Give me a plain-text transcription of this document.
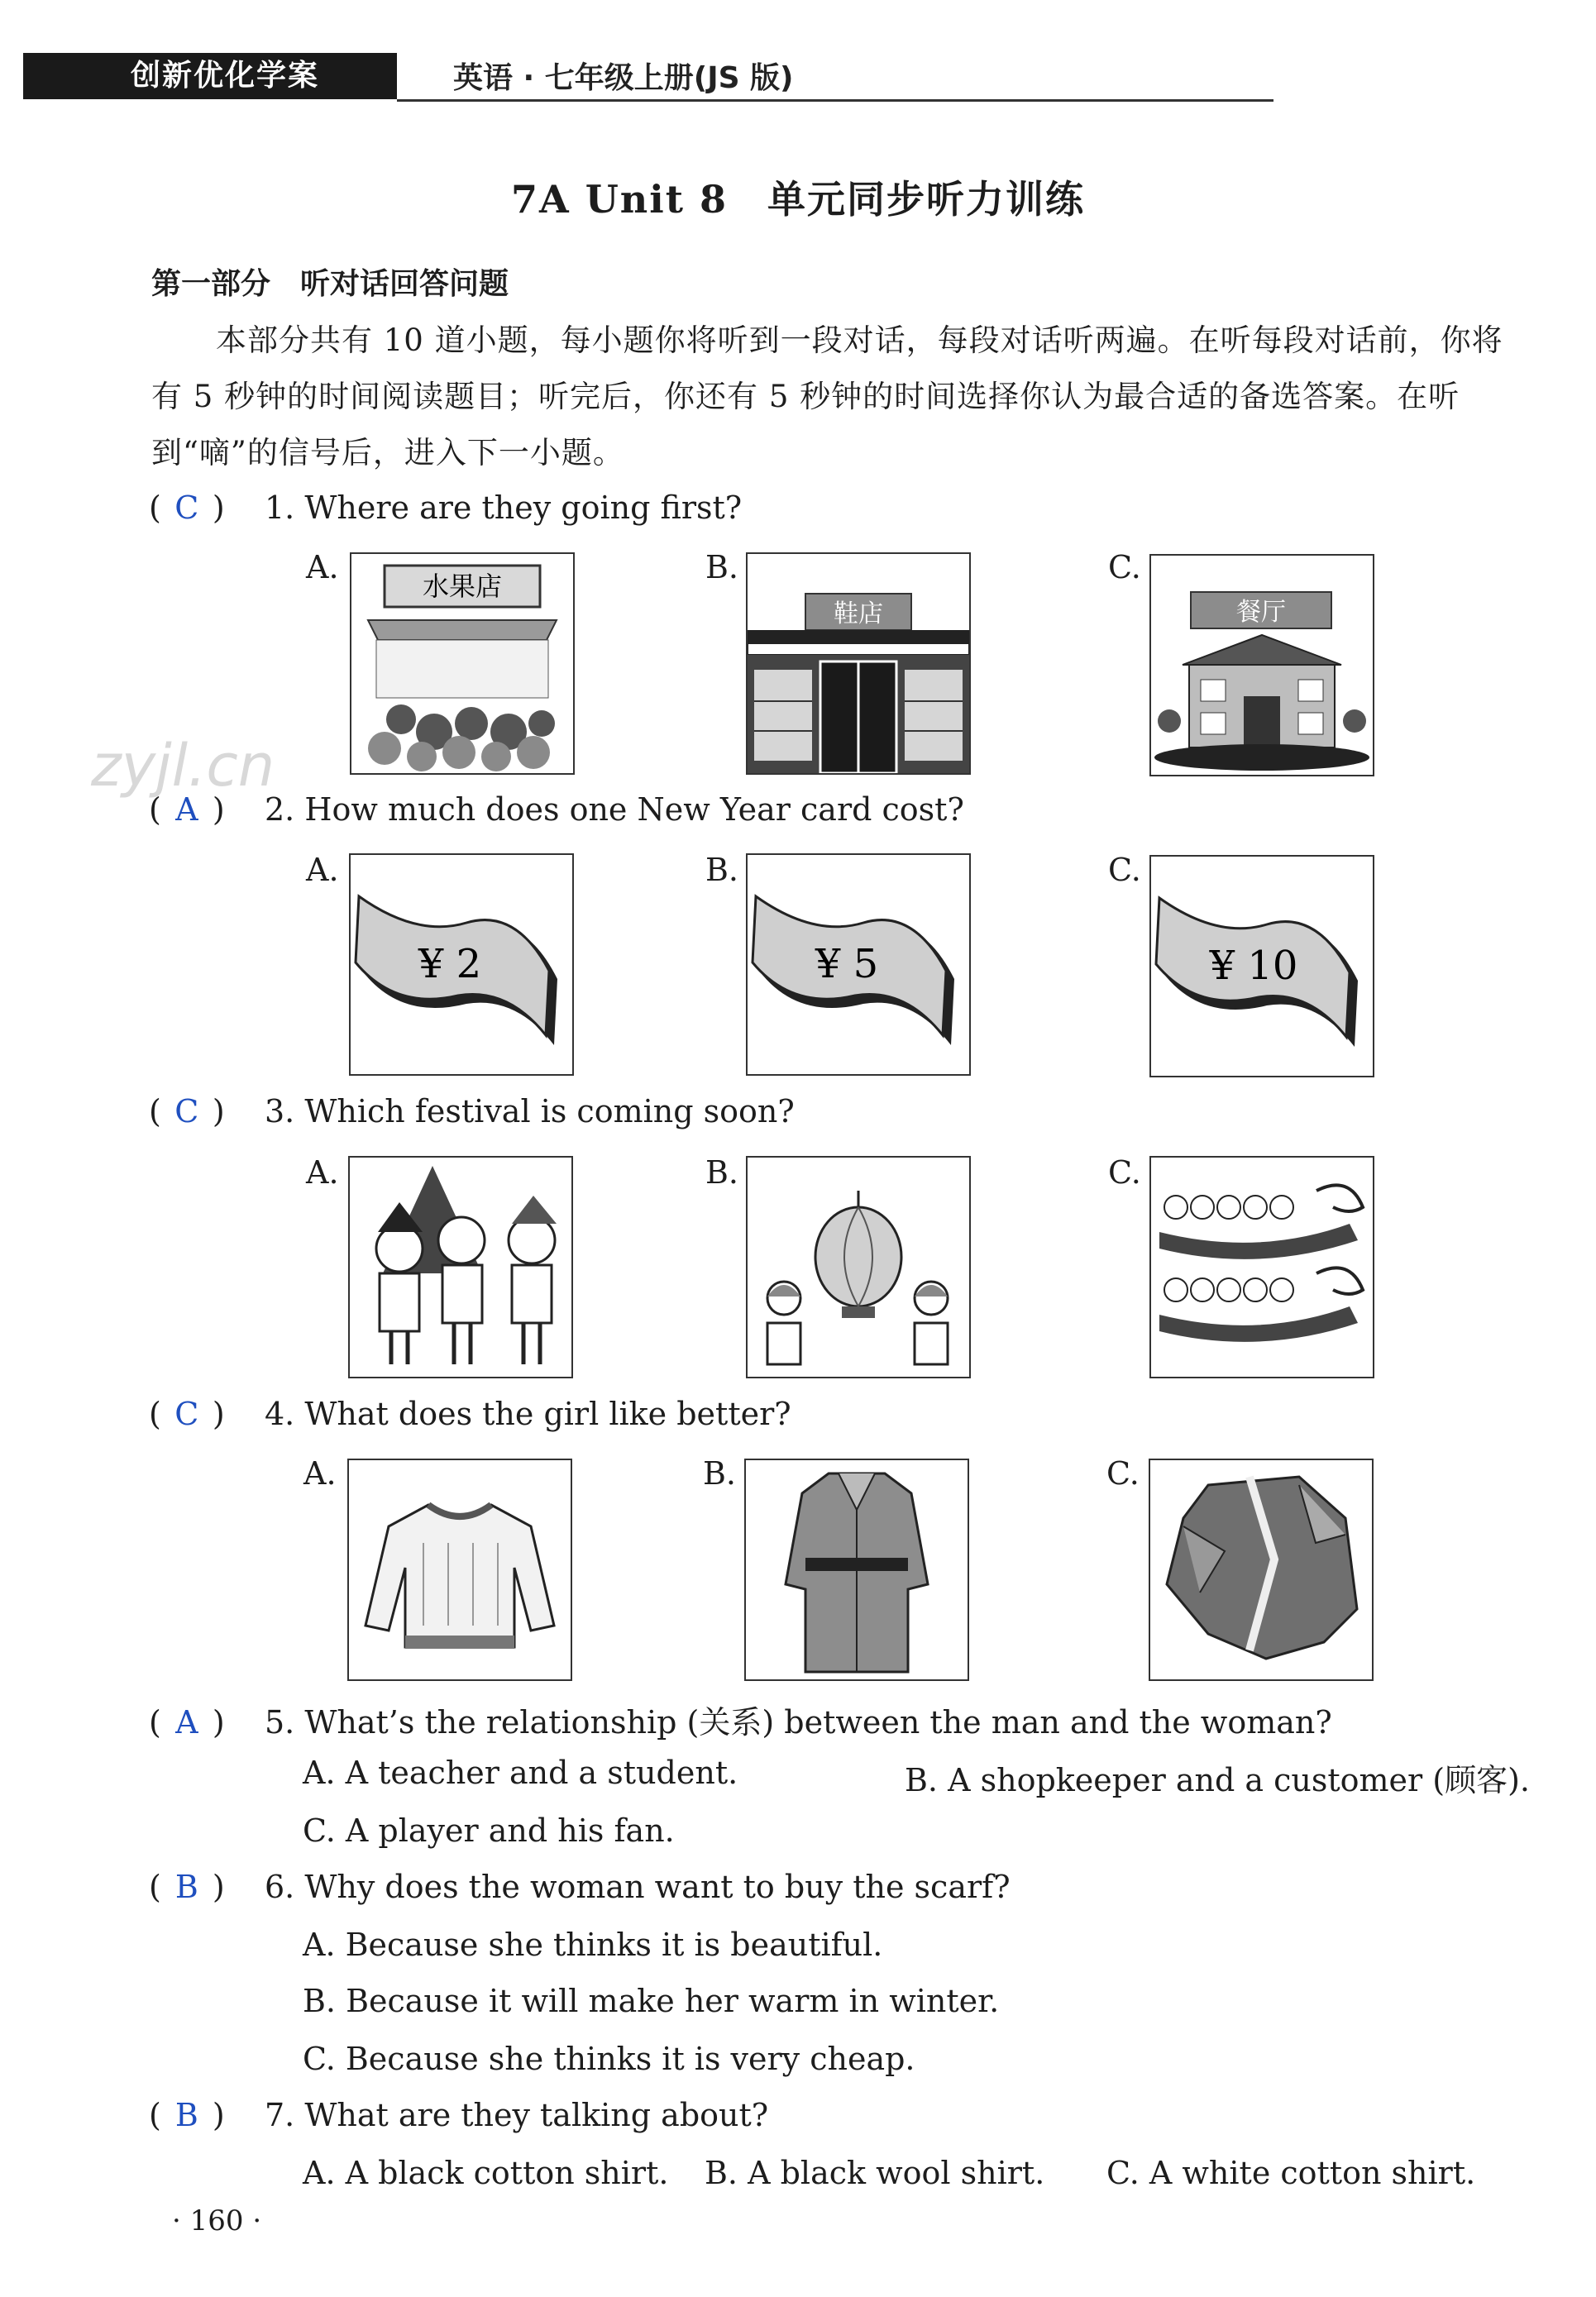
创新优化学案	英语 · 七年级上册(JS 版)
7A Unit 8　单元同步听力训练
第一部分　听对话回答问题
本部分共有 10 道小题，每小题你将听到一段对话，每段对话听两遍。在听每段对话前，你将有 5 秒钟的时间阅读题目；听完后，你还有 5 秒钟的时间选择你认为最合适的备选答案。在听到“嘀”的信号后，进入下一小题。
zyjl.cn
( C ) 1. Where are they going first?
A.
水果店
B.
鞋店
C.
餐厅
( A ) 2. How much does one New Year card cost?
A.
¥ 2
B.
¥ 5
C.
¥ 10
( C ) 3. Which festival is coming soon?
A.	B.	C.
( C ) 4. What does the girl like better?
A.	B.	C.
( A ) 5. What’s the relationship (关系) between the man and the woman?
A. A teacher and a student.	B. A shopkeeper and a customer (顾客).
C. A player and his fan.
( B ) 6. Why does the woman want to buy the scarf?
A. Because she thinks it is beautiful.
B. Because it will make her warm in winter.
C. Because she thinks it is very cheap.
( B ) 7. What are they talking about?
A. A black cotton shirt. B. A black wool shirt. C. A white cotton shirt.
· 160 ·
